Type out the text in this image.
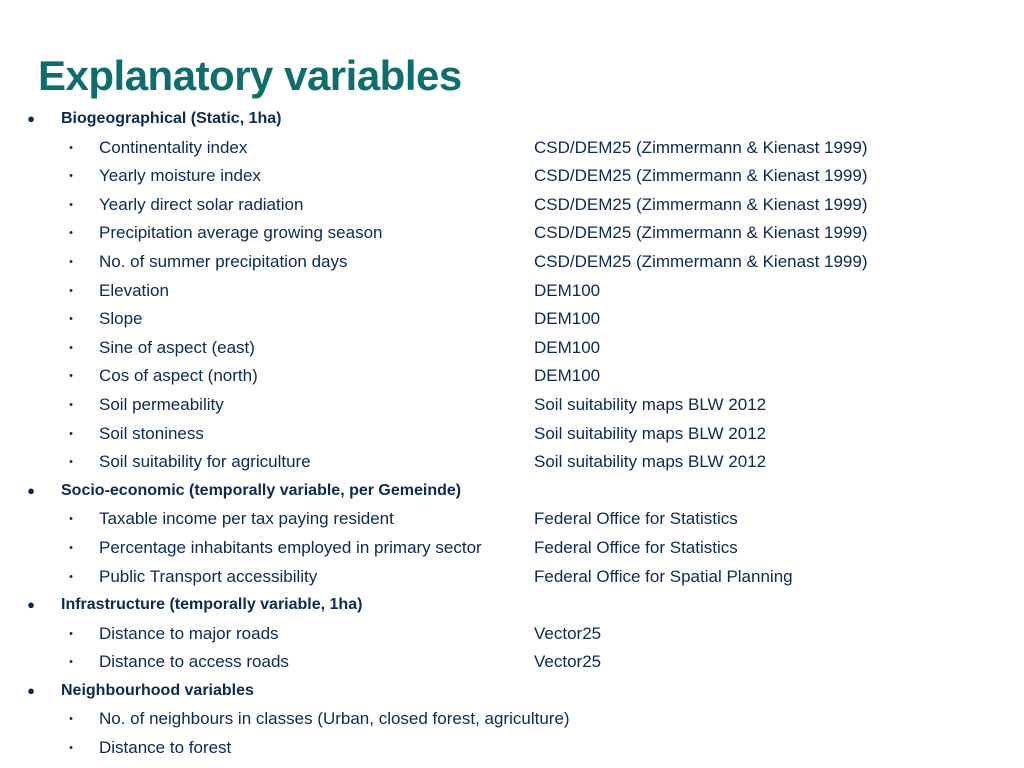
Explanatory variables
● Biogeographical (Static, 1ha)
• Continentality index	CSD/DEM25 (Zimmermann & Kienast 1999)
• Yearly moisture index	CSD/DEM25 (Zimmermann & Kienast 1999)
• Yearly direct solar radiation	CSD/DEM25 (Zimmermann & Kienast 1999)
• Precipitation average growing season	CSD/DEM25 (Zimmermann & Kienast 1999)
• No. of summer precipitation days	CSD/DEM25 (Zimmermann & Kienast 1999)
• Elevation	DEM100
• Slope	DEM100
• Sine of aspect (east)	DEM100
• Cos of aspect (north)	DEM100
• Soil permeability	Soil suitability maps BLW 2012
• Soil stoniness	Soil suitability maps BLW 2012
• Soil suitability for agriculture	Soil suitability maps BLW 2012
● Socio-economic (temporally variable, per Gemeinde)
• Taxable income per tax paying resident	Federal Office for Statistics
• Percentage inhabitants employed in primary sector	Federal Office for Statistics
• Public Transport accessibility	Federal Office for Spatial Planning
● Infrastructure (temporally variable, 1ha)
• Distance to major roads	Vector25
• Distance to access roads	Vector25
● Neighbourhood variables
• No. of neighbours in classes (Urban, closed forest, agriculture)
• Distance to forest
